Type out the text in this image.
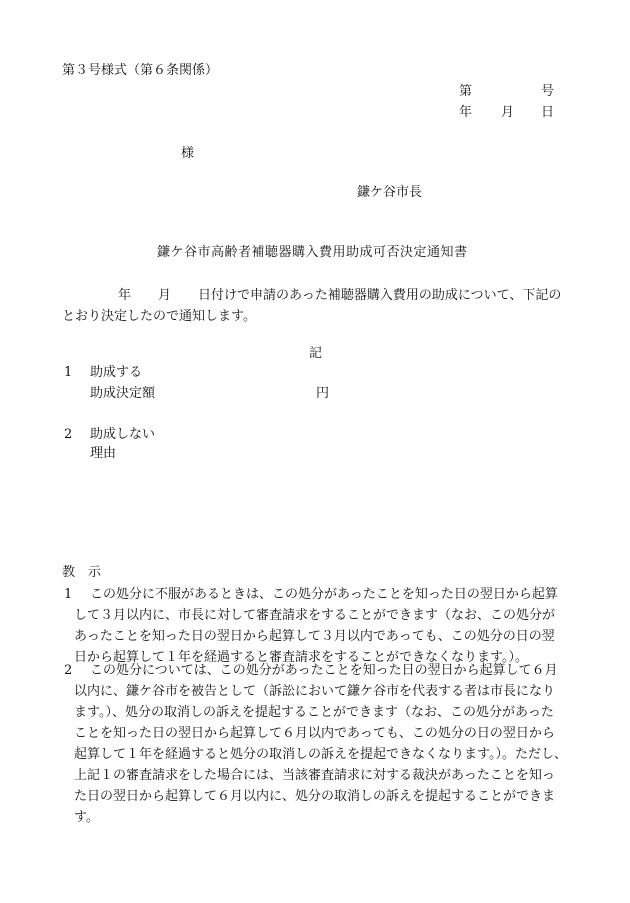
第３号様式（第６条関係）
第	号
年 月 日
様
鎌ケ谷市長
鎌ケ谷市高齢者補聴器購入費用助成可否決定通知書
年 月 日付けで申請のあった補聴器購入費用の助成について、下記の
とおり決定したので通知します。
記
1 助成する
助成決定額	円
2 助成しない
理由
教　示
1 この処分に不服があるときは、この処分があったことを知った日の翌日から起算
して３月以内に、市長に対して審査請求をすることができます（なお、この処分が
あったことを知った日の翌日から起算して３月以内であっても、この処分の日の翌
日から起算して１年を経過すると審査請求をすることができなくなります。）。
2 この処分については、この処分があったことを知った日の翌日から起算して６月
以内に、鎌ケ谷市を被告として（訴訟において鎌ケ谷市を代表する者は市長になり
ます。）、処分の取消しの訴えを提起することができます（なお、この処分があった
ことを知った日の翌日から起算して６月以内であっても、この処分の日の翌日から
起算して１年を経過すると処分の取消しの訴えを提起できなくなります。）。ただし、
上記１の審査請求をした場合には、当該審査請求に対する裁決があったことを知っ
た日の翌日から起算して６月以内に、処分の取消しの訴えを提起することができま
す。
